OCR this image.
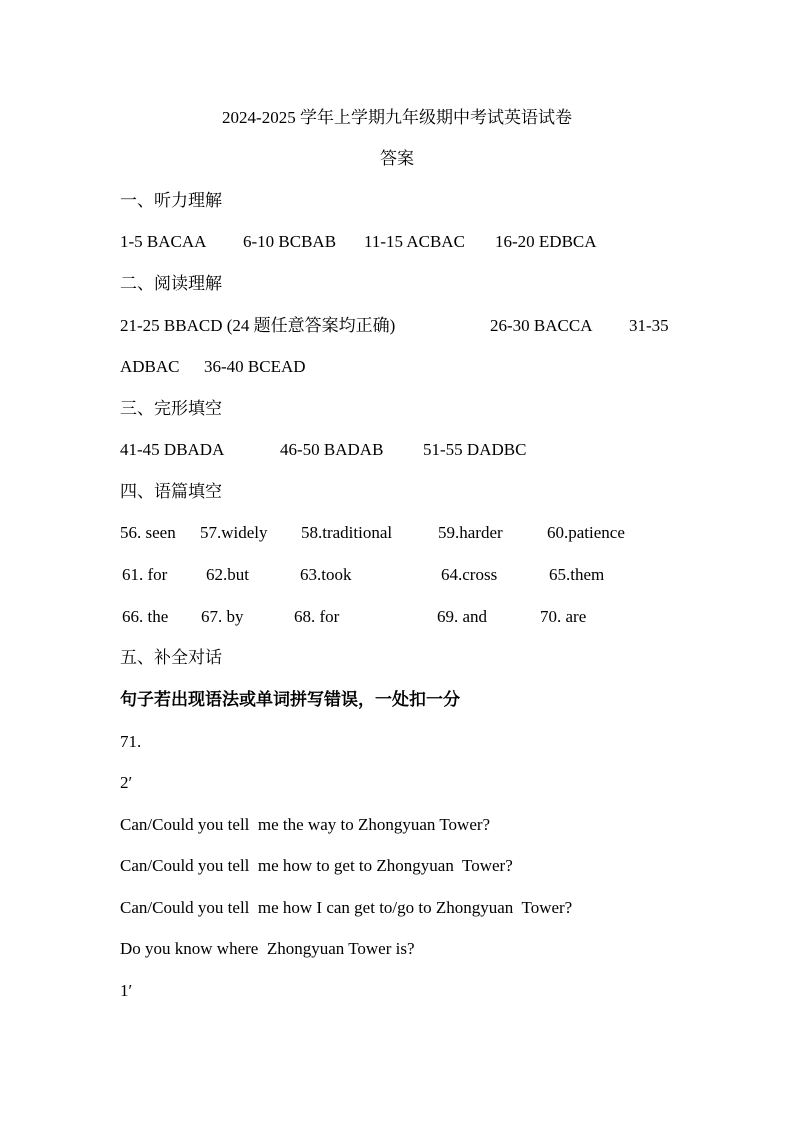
2024-2025 学年上学期九年级期中考试英语试卷
答案
一、听力理解
1-5 BACAA 6-10 BCBAB 11-15 ACBAC 16-20 EDBCA
二、阅读理解
21-25 BBACD (24 题任意答案均正确)	26-30 BACCA 31-35
ADBAC 36-40 BCEAD
三、完形填空
41-45 DBADA	46-50 BADAB 51-55 DADBC
四、语篇填空
56. seen 57.widely 58.traditional	59.harder	60.patience
61. for 62.but	63.took	64.cross	65.them
66. the 67. by	68. for	69. and	70. are
五、补全对话
句子若出现语法或单词拼写错误，一处扣一分
71.
2′
Can/Could you tell  me the way to Zhongyuan Tower?
Can/Could you tell  me how to get to Zhongyuan  Tower?
Can/Could you tell  me how I can get to/go to Zhongyuan  Tower?
Do you know where  Zhongyuan Tower is?
1′
